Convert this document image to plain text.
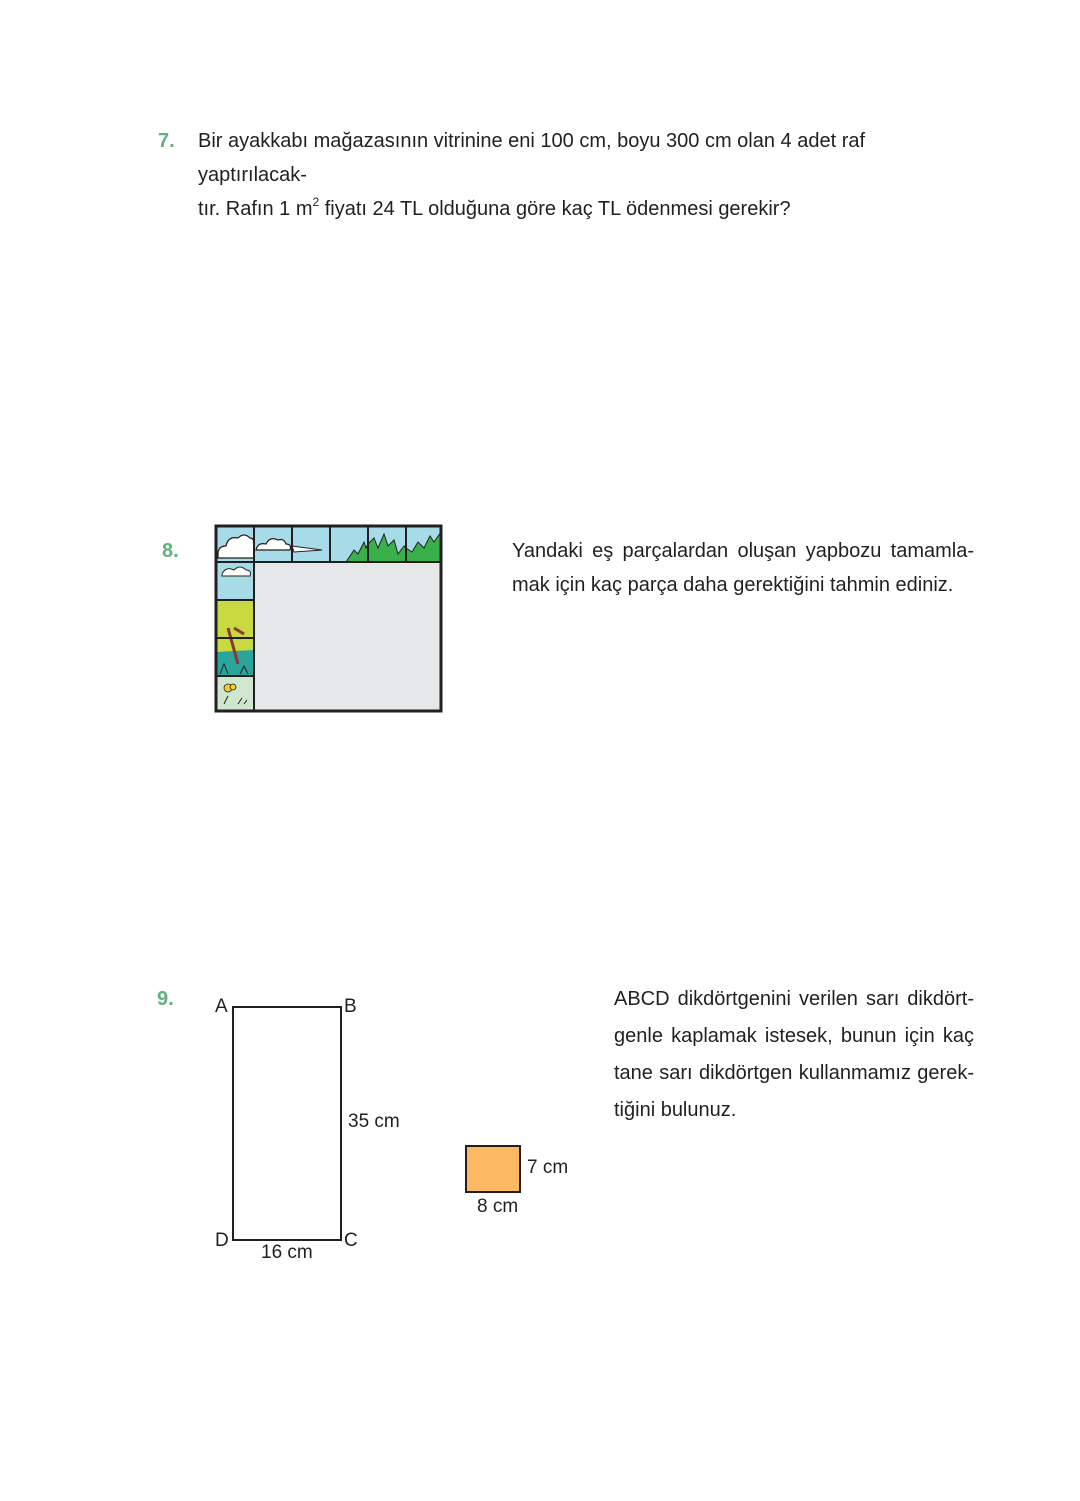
7. Bir ayakkabı mağazasının vitrinine eni 100 cm, boyu 300 cm olan 4 adet raf yaptırılacak-

tır. Rafın 1 $m^2$ fiyatı 24 TL olduğuna göre kaç TL ödenmesi gerekir?

8.	Yandaki eş parçalardan oluşan yapbozu tamamla-

mak için kaç parça daha gerektiğini tahmin ediniz.

9. A	B
C
D
35 cm
16 cm
7 cm
8 cm

ABCD dikdörtgenini verilen sarı dikdört-

genle kaplamak istesek, bunun için kaç

tane sarı dikdörtgen kullanmamız gerek-

tiğini bulunuz.
